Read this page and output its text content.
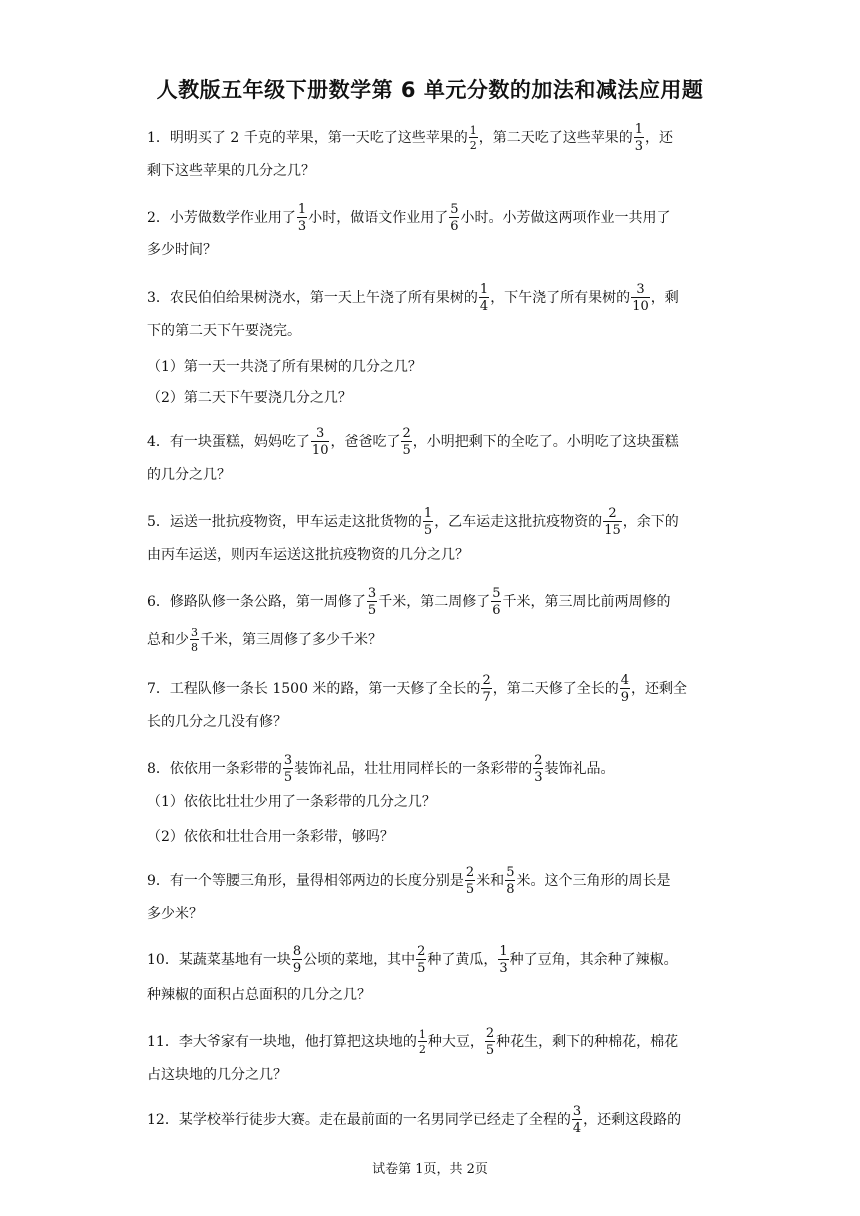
人教版五年级下册数学第 6 单元分数的加法和减法应用题
1．明明买了 2 千克的苹果，第一天吃了这些苹果的 $\frac{1}{2}$ ，第二天吃了这些苹果的 $\frac{1}{3}$ ，还
剩下这些苹果的几分之几？
2．小芳做数学作业用了 $\frac{1}{3}$ 小时，做语文作业用了 $\frac{5}{6}$ 小时。小芳做这两项作业一共用了
多少时间？
3．农民伯伯给果树浇水，第一天上午浇了所有果树的 $\frac{1}{4}$ ，下午浇了所有果树的 $\frac{3}{10}$ ，剩
下的第二天下午要浇完。
（1）第一天一共浇了所有果树的几分之几？
（2）第二天下午要浇几分之几？
4．有一块蛋糕，妈妈吃了 $\frac{3}{10}$ ，爸爸吃了 $\frac{2}{5}$ ，小明把剩下的全吃了。小明吃了这块蛋糕
的几分之几？
5．运送一批抗疫物资，甲车运走这批货物的 $\frac{1}{5}$ ，乙车运走这批抗疫物资的 $\frac{2}{15}$ ，余下的
由丙车运送，则丙车运送这批抗疫物资的几分之几？
6．修路队修一条公路，第一周修了 $\frac{3}{5}$ 千米，第二周修了 $\frac{5}{6}$ 千米，第三周比前两周修的
总和少 $\frac{3}{8}$ 千米，第三周修了多少千米？
7．工程队修一条长 1500 米的路，第一天修了全长的 $\frac{2}{7}$ ，第二天修了全长的 $\frac{4}{9}$ ，还剩全
长的几分之几没有修？
8．依依用一条彩带的 $\frac{3}{5}$ 装饰礼品，壮壮用同样长的一条彩带的 $\frac{2}{3}$ 装饰礼品。
（1）依依比壮壮少用了一条彩带的几分之几？
（2）依依和壮壮合用一条彩带，够吗？
9．有一个等腰三角形，量得相邻两边的长度分别是 $\frac{2}{5}$ 米和 $\frac{5}{8}$ 米。这个三角形的周长是
多少米？
10．某蔬菜基地有一块 $\frac{8}{9}$ 公顷的菜地，其中 $\frac{2}{5}$ 种了黄瓜， $\frac{1}{3}$ 种了豆角，其余种了辣椒。
种辣椒的面积占总面积的几分之几？
11．李大爷家有一块地，他打算把这块地的 $\frac{1}{2}$ 种大豆， $\frac{2}{5}$ 种花生，剩下的种棉花，棉花
占这块地的几分之几？
12．某学校举行徒步大赛。走在最前面的一名男同学已经走了全程的 $\frac{3}{4}$ ，还剩这段路的
试卷第 1页，共 2页
